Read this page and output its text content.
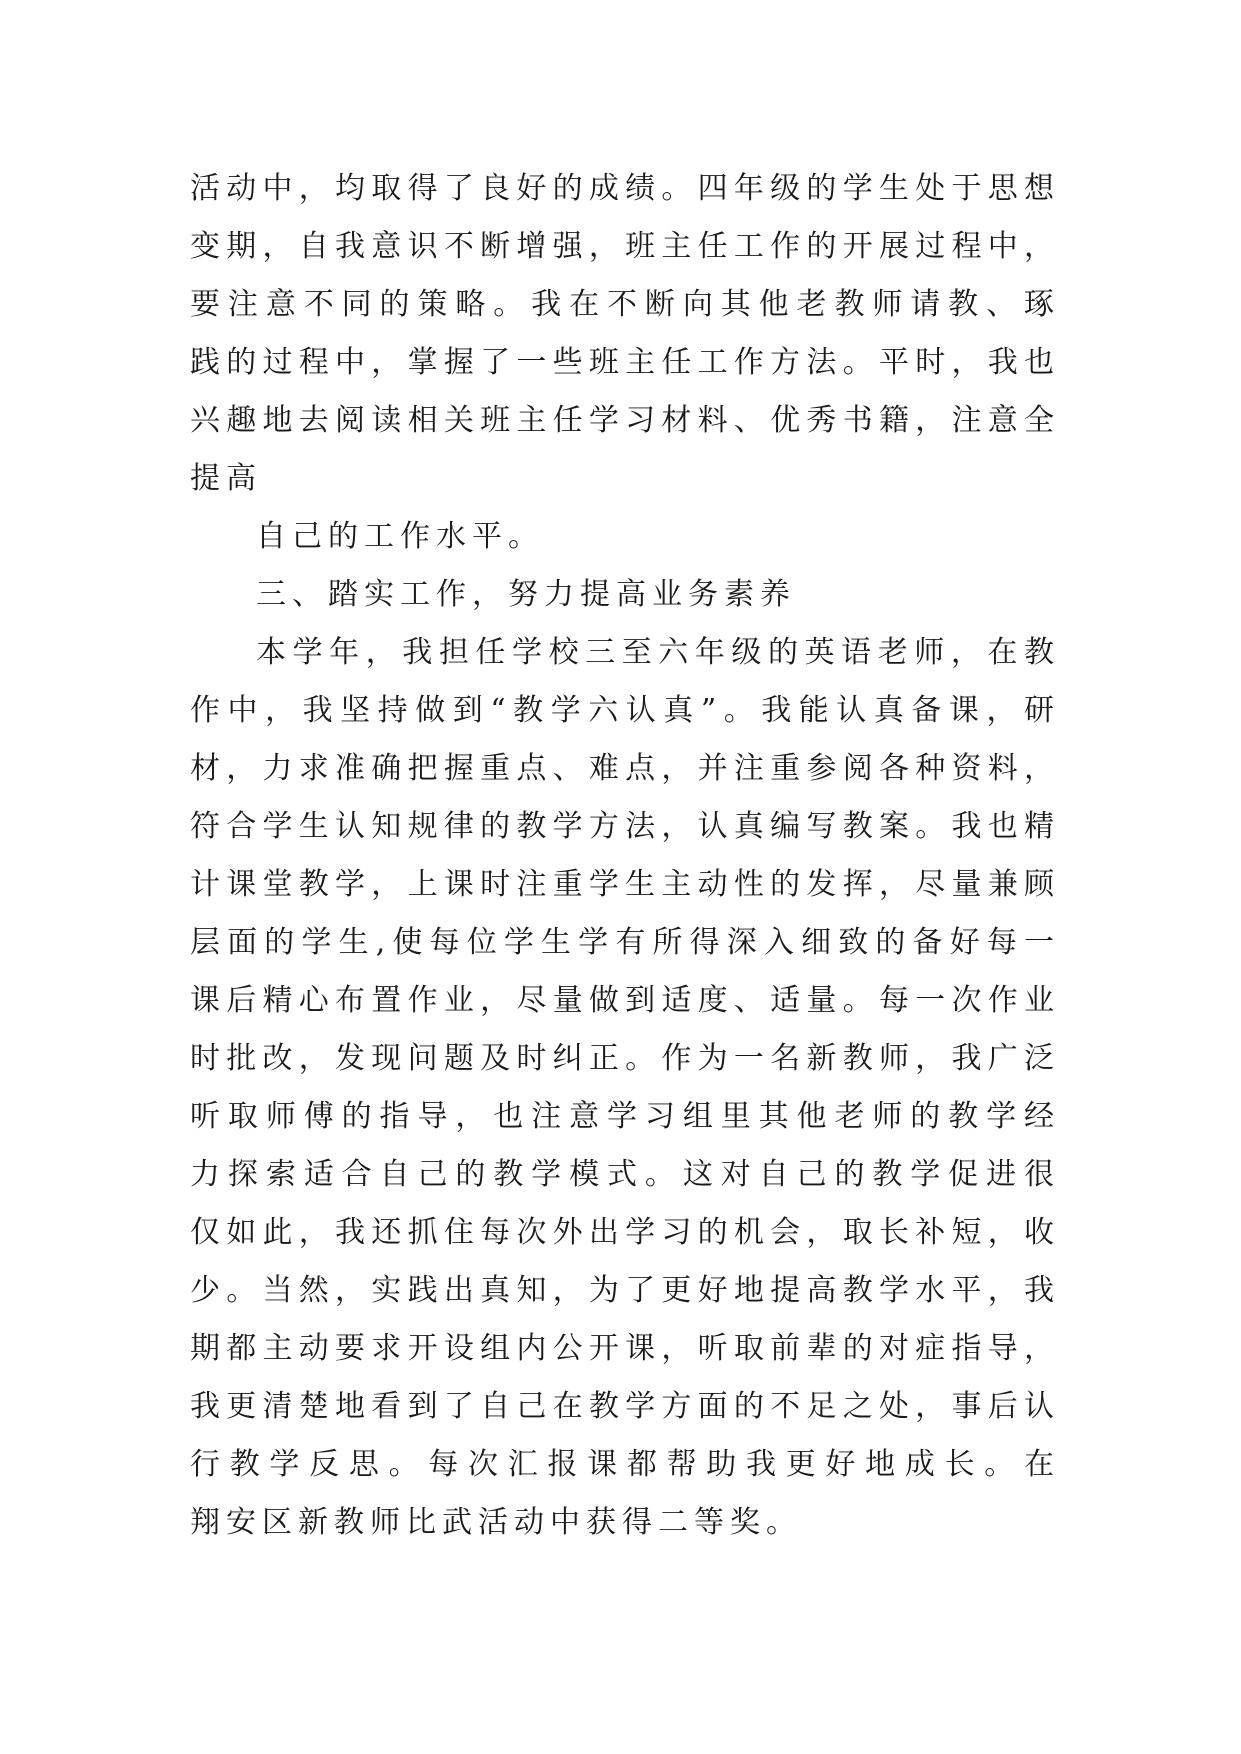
活动中，均取得了良好的成绩。四年级的学生处于思想
变期，自我意识不断增强，班主任工作的开展过程中，
要注意不同的策略。我在不断向其他老教师请教、琢
践的过程中，掌握了一些班主任工作方法。平时，我也
兴趣地去阅读相关班主任学习材料、优秀书籍，注意全
提高
自己的工作水平。
三、踏实工作，努力提高业务素养
本学年，我担任学校三至六年级的英语老师，在教
作中，我坚持做到“教学六认真”。我能认真备课，研
材，力求准确把握重点、难点，并注重参阅各种资料，
符合学生认知规律的教学方法，认真编写教案。我也精
计课堂教学，上课时注重学生主动性的发挥，尽量兼顾
层面的学生,使每位学生学有所得深入细致的备好每一
课后精心布置作业，尽量做到适度、适量。每一次作业
时批改，发现问题及时纠正。作为一名新教师，我广泛
听取师傅的指导，也注意学习组里其他老师的教学经
力探索适合自己的教学模式。这对自己的教学促进很
仅如此，我还抓住每次外出学习的机会，取长补短，收
少。当然，实践出真知，为了更好地提高教学水平，我
期都主动要求开设组内公开课，听取前辈的对症指导，
我更清楚地看到了自己在教学方面的不足之处，事后认
行教学反思。每次汇报课都帮助我更好地成长。在
翔安区新教师比武活动中获得二等奖。
